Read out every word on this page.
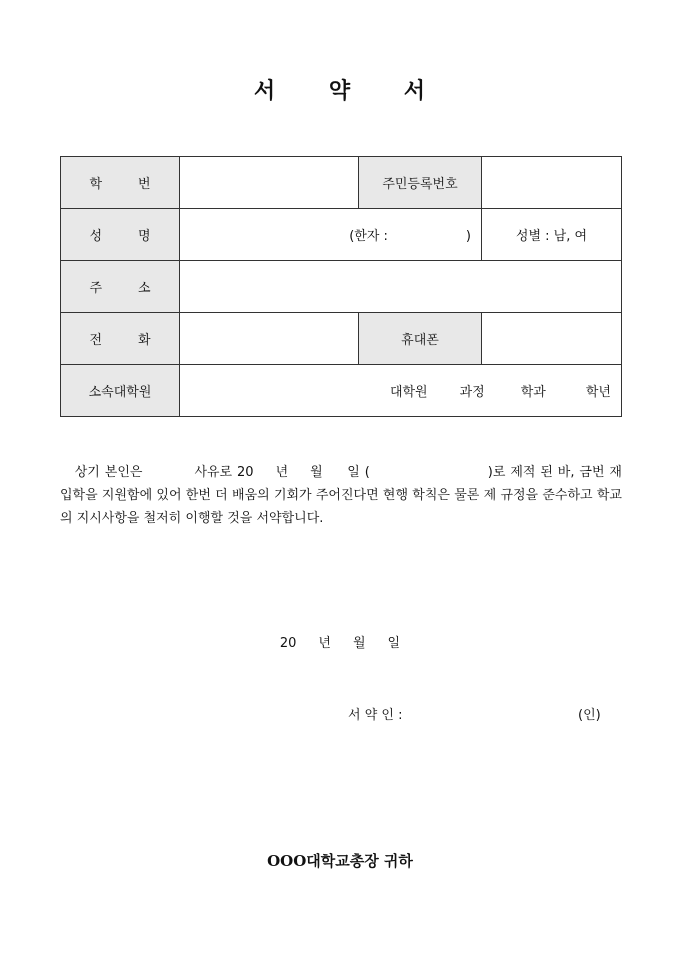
서 약 서
학 번		주민등록번호	
성 명	(한자 : )		성별 : 남, 여
주 소			
전 화		휴대폰	
소속대학원	대학원 과정 학과 학년		
상기 본인은	사유로 20 년 월 일 (	)로 제적 된 바, 금번 재입학을 지원함에 있어 한번 더 배움의 기회가 주어진다면 현행 학칙은 물론 제 규정을 준수하고 학교의 지시사항을 철저히 이행할 것을 서약합니다.
20 년 월 일
서 약 인 :	(인)
OOO대학교총장 귀하
